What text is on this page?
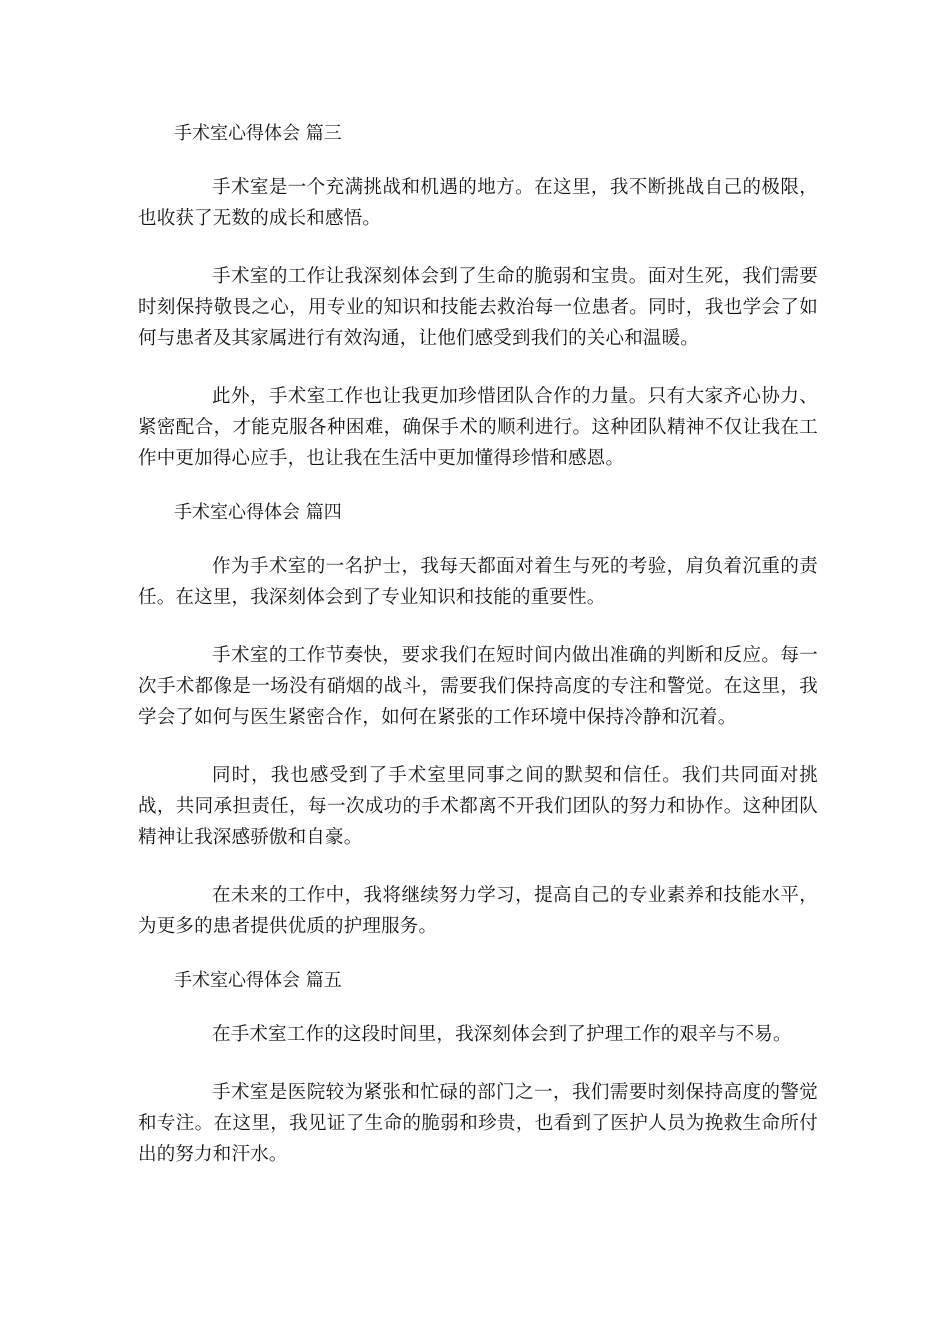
手术室心得体会 篇三

手术室是一个充满挑战和机遇的地方。在这里，我不断挑战自己的极限，也收获了无数的成长和感悟。

手术室的工作让我深刻体会到了生命的脆弱和宝贵。面对生死，我们需要时刻保持敬畏之心，用专业的知识和技能去救治每一位患者。同时，我也学会了如何与患者及其家属进行有效沟通，让他们感受到我们的关心和温暖。

此外，手术室工作也让我更加珍惜团队合作的力量。只有大家齐心协力、紧密配合，才能克服各种困难，确保手术的顺利进行。这种团队精神不仅让我在工作中更加得心应手，也让我在生活中更加懂得珍惜和感恩。

手术室心得体会 篇四

作为手术室的一名护士，我每天都面对着生与死的考验，肩负着沉重的责任。在这里，我深刻体会到了专业知识和技能的重要性。

手术室的工作节奏快，要求我们在短时间内做出准确的判断和反应。每一次手术都像是一场没有硝烟的战斗，需要我们保持高度的专注和警觉。在这里，我学会了如何与医生紧密合作，如何在紧张的工作环境中保持冷静和沉着。

同时，我也感受到了手术室里同事之间的默契和信任。我们共同面对挑战，共同承担责任，每一次成功的手术都离不开我们团队的努力和协作。这种团队精神让我深感骄傲和自豪。

在未来的工作中，我将继续努力学习，提高自己的专业素养和技能水平，为更多的患者提供优质的护理服务。

手术室心得体会 篇五

在手术室工作的这段时间里，我深刻体会到了护理工作的艰辛与不易。

手术室是医院较为紧张和忙碌的部门之一，我们需要时刻保持高度的警觉和专注。在这里，我见证了生命的脆弱和珍贵，也看到了医护人员为挽救生命所付出的努力和汗水。
